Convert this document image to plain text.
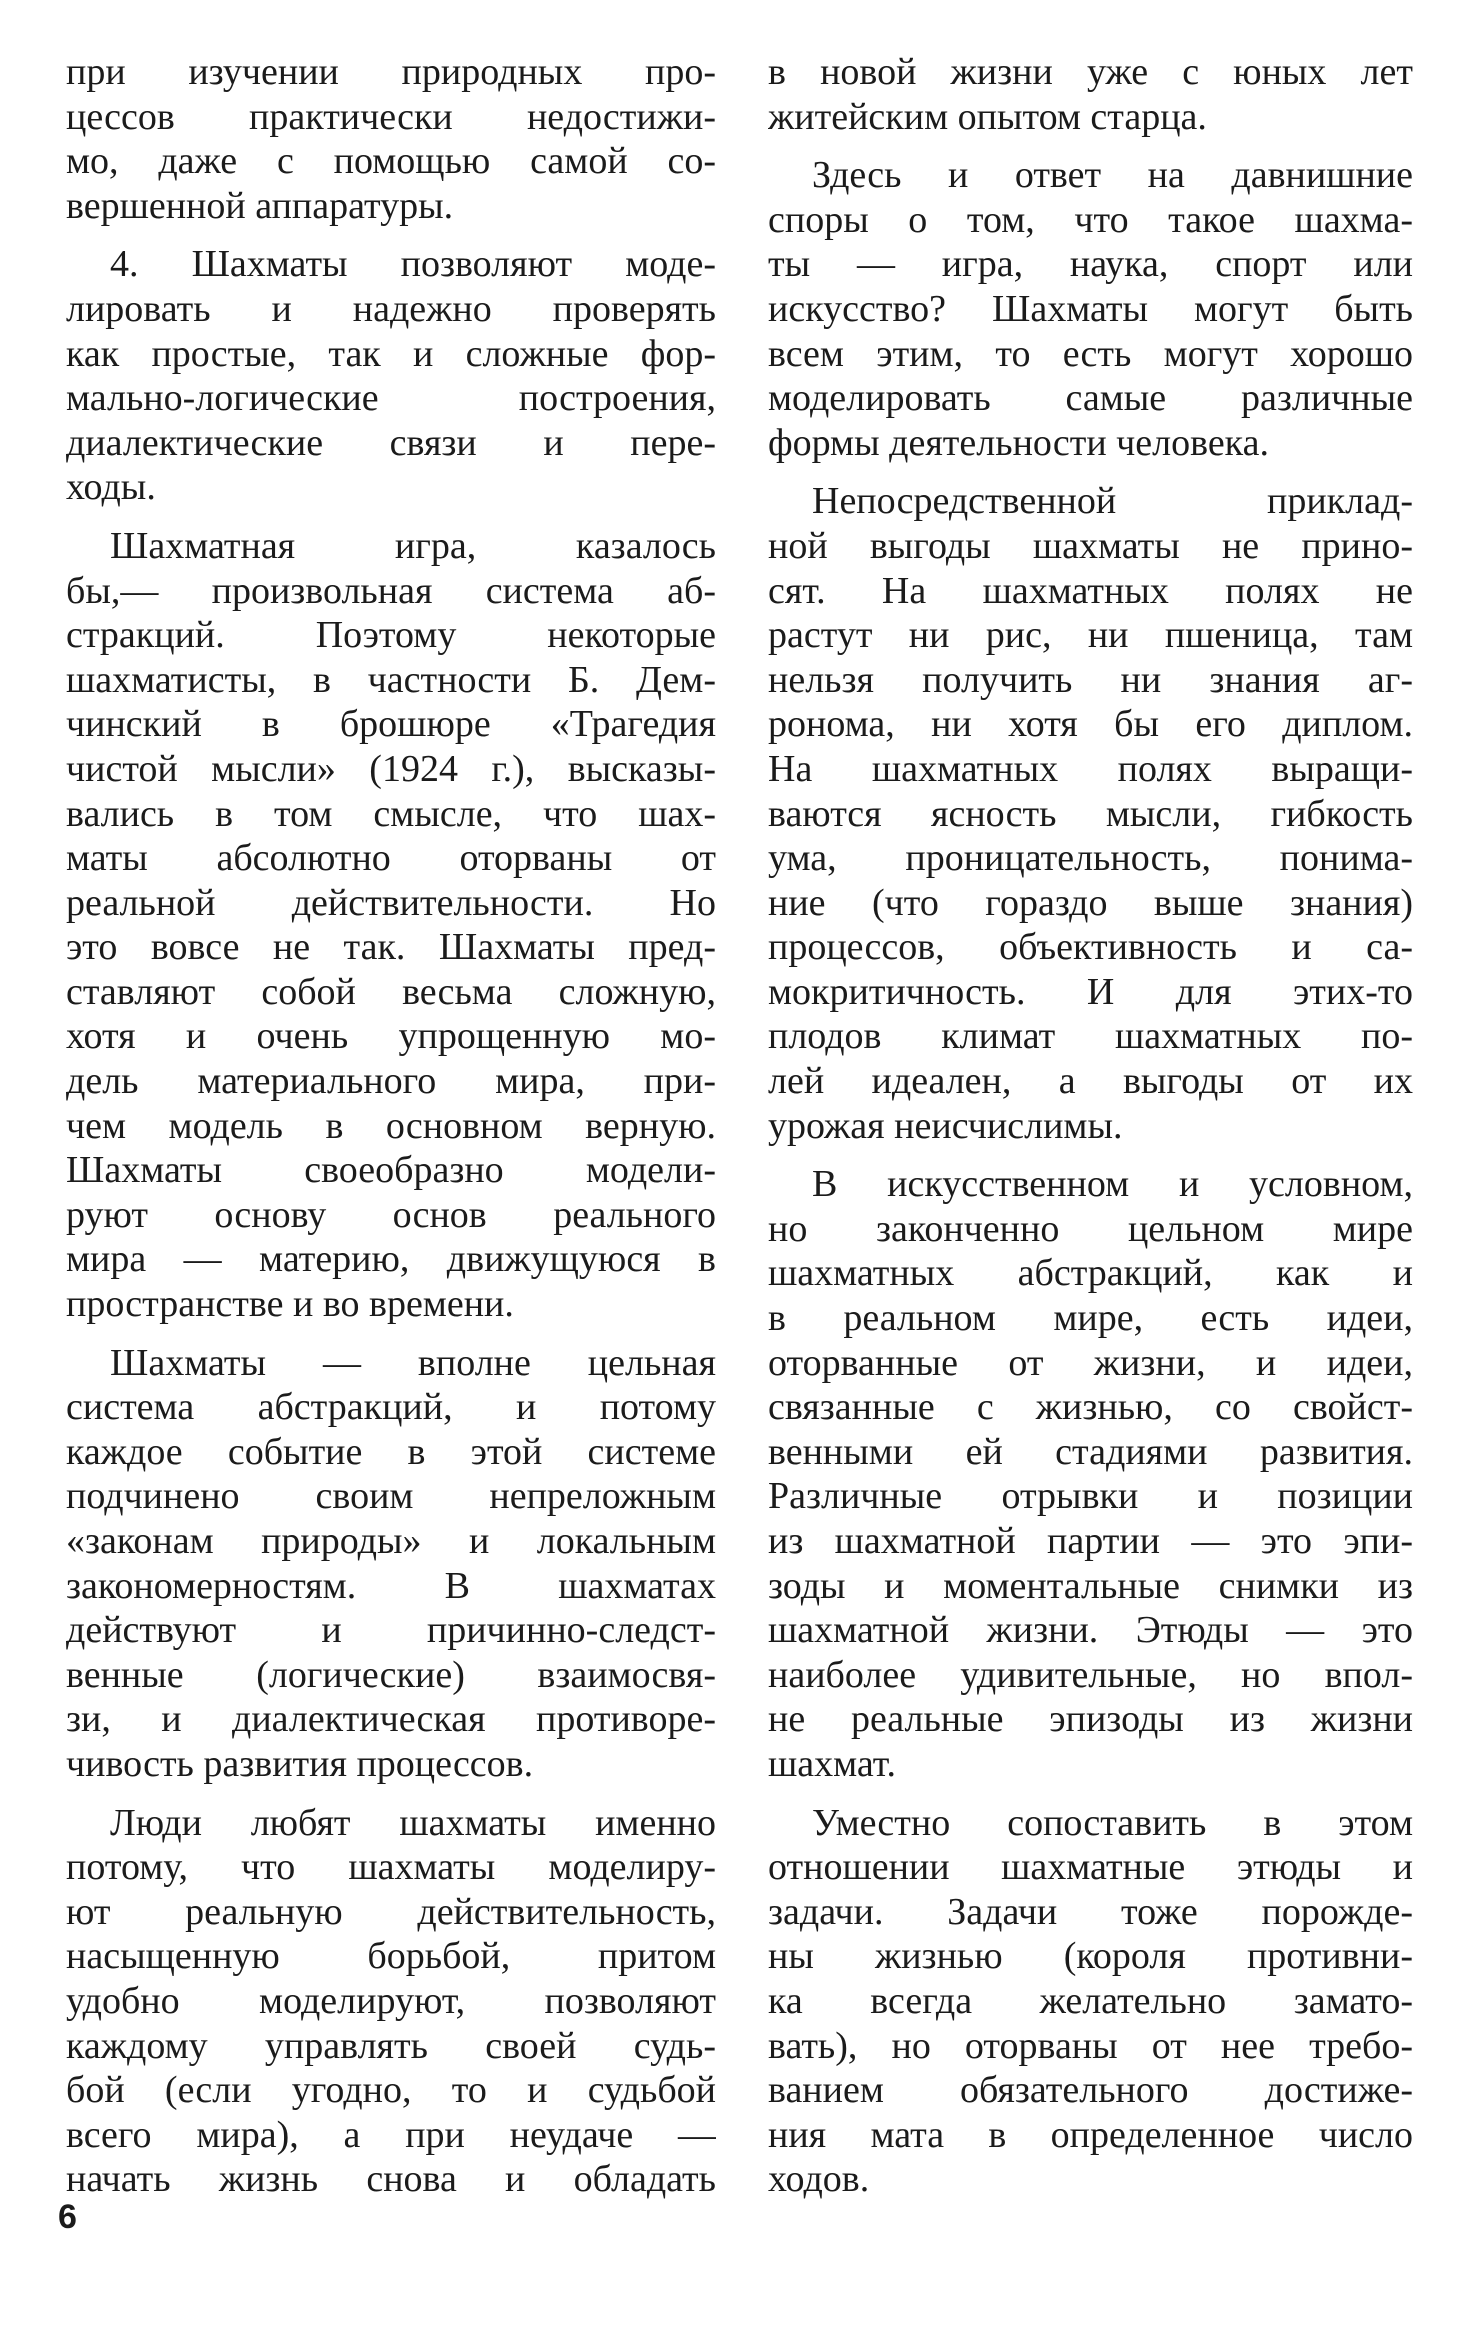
при изучении природных про-
цессов практически недостижи-
мо, даже с помощью самой со-
вершенной аппаратуры.
4. Шахматы позволяют моде-
лировать и надежно проверять
как простые, так и сложные фор-
мально-логические построения,
диалектические связи и пере-
ходы.
Шахматная игра, казалось
бы,— произвольная система аб-
стракций. Поэтому некоторые
шахматисты, в частности Б. Дем-
чинский в брошюре «Трагедия
чистой мысли» (1924 г.), высказы-
вались в том смысле, что шах-
маты абсолютно оторваны от
реальной действительности. Но
это вовсе не так. Шахматы пред-
ставляют собой весьма сложную,
хотя и очень упрощенную мо-
дель материального мира, при-
чем модель в основном верную.
Шахматы своеобразно модели-
руют основу основ реального
мира — материю, движущуюся в
пространстве и во времени.
Шахматы — вполне цельная
система абстракций, и потому
каждое событие в этой системе
подчинено своим непреложным
«законам природы» и локальным
закономерностям. В шахматах
действуют и причинно-следст-
венные (логические) взаимосвя-
зи, и диалектическая противоре-
чивость развития процессов.
Люди любят шахматы именно
потому, что шахматы моделиру-
ют реальную действительность,
насыщенную борьбой, притом
удобно моделируют, позволяют
каждому управлять своей судь-
бой (если угодно, то и судьбой
всего мира), а при неудаче —
начать жизнь снова и обладать
в новой жизни уже с юных лет
житейским опытом старца.
Здесь и ответ на давнишние
споры о том, что такое шахма-
ты — игра, наука, спорт или
искусство? Шахматы могут быть
всем этим, то есть могут хорошо
моделировать самые различные
формы деятельности человека.
Непосредственной приклад-
ной выгоды шахматы не прино-
сят. На шахматных полях не
растут ни рис, ни пшеница, там
нельзя получить ни знания аг-
ронома, ни хотя бы его диплом.
На шахматных полях выращи-
ваются ясность мысли, гибкость
ума, проницательность, понима-
ние (что гораздо выше знания)
процессов, объективность и са-
мокритичность. И для этих-то
плодов климат шахматных по-
лей идеален, а выгоды от их
урожая неисчислимы.
В искусственном и условном,
но законченно цельном мире
шахматных абстракций, как и
в реальном мире, есть идеи,
оторванные от жизни, и идеи,
связанные с жизнью, со свойст-
венными ей стадиями развития.
Различные отрывки и позиции
из шахматной партии — это эпи-
зоды и моментальные снимки из
шахматной жизни. Этюды — это
наиболее удивительные, но впол-
не реальные эпизоды из жизни
шахмат.
Уместно сопоставить в этом
отношении шахматные этюды и
задачи. Задачи тоже порожде-
ны жизнью (короля противни-
ка всегда желательно замато-
вать), но оторваны от нее требо-
ванием обязательного достиже-
ния мата в определенное число
ходов.
6
